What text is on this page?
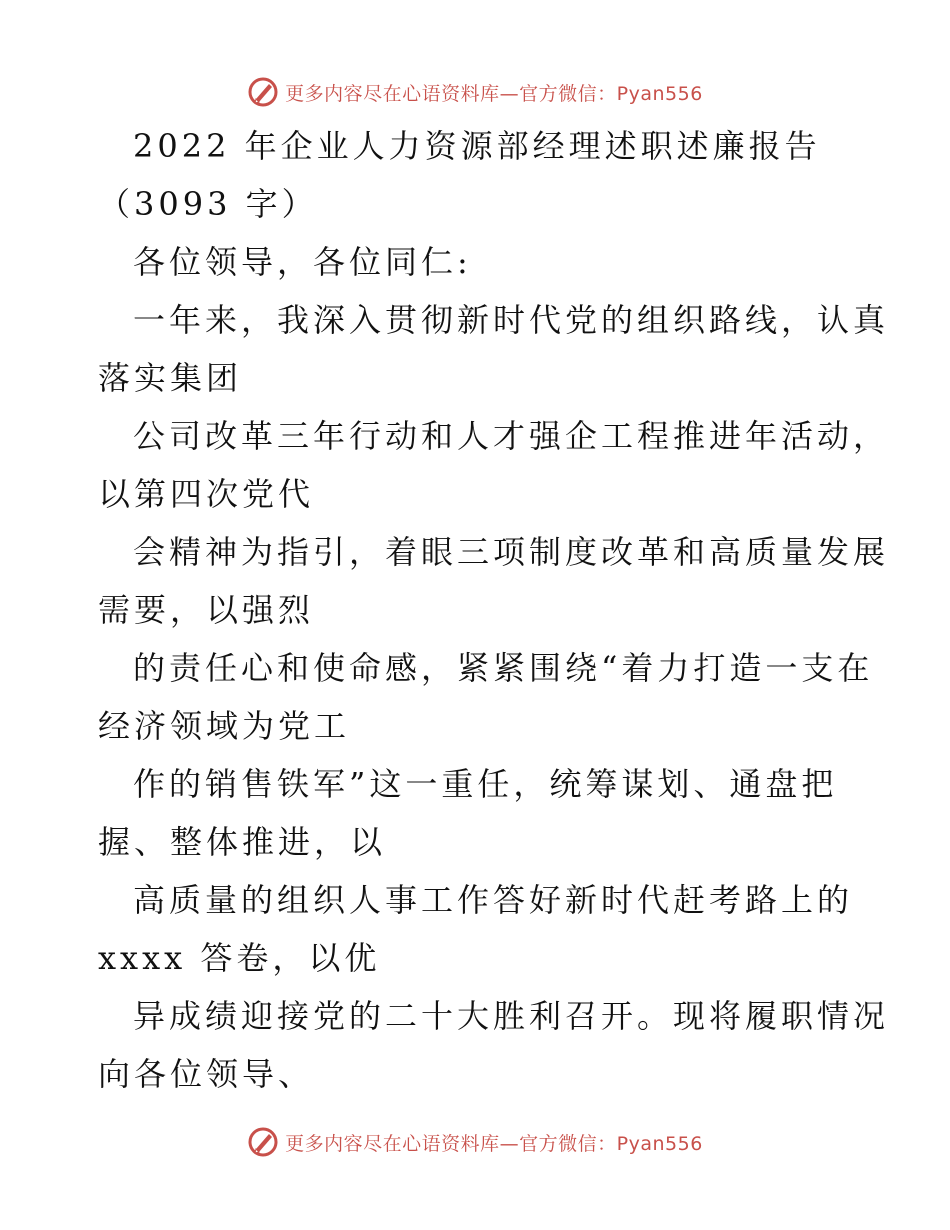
更多内容尽在心语资料库—官方微信：Pyan556
2022 年企业人力资源部经理述职述廉报告
（3093 字）
各位领导，各位同仁:
一年来，我深入贯彻新时代党的组织路线，认真
落实集团
公司改革三年行动和人才强企工程推进年活动，
以第四次党代
会精神为指引，着眼三项制度改革和高质量发展
需要，以强烈
的责任心和使命感，紧紧围绕“着力打造一支在
经济领域为党工
作的销售铁军”这一重任，统筹谋划、通盘把
握、整体推进，以
高质量的组织人事工作答好新时代赶考路上的
xxxx 答卷，以优
异成绩迎接党的二十大胜利召开。现将履职情况
向各位领导、
更多内容尽在心语资料库—官方微信：Pyan556
